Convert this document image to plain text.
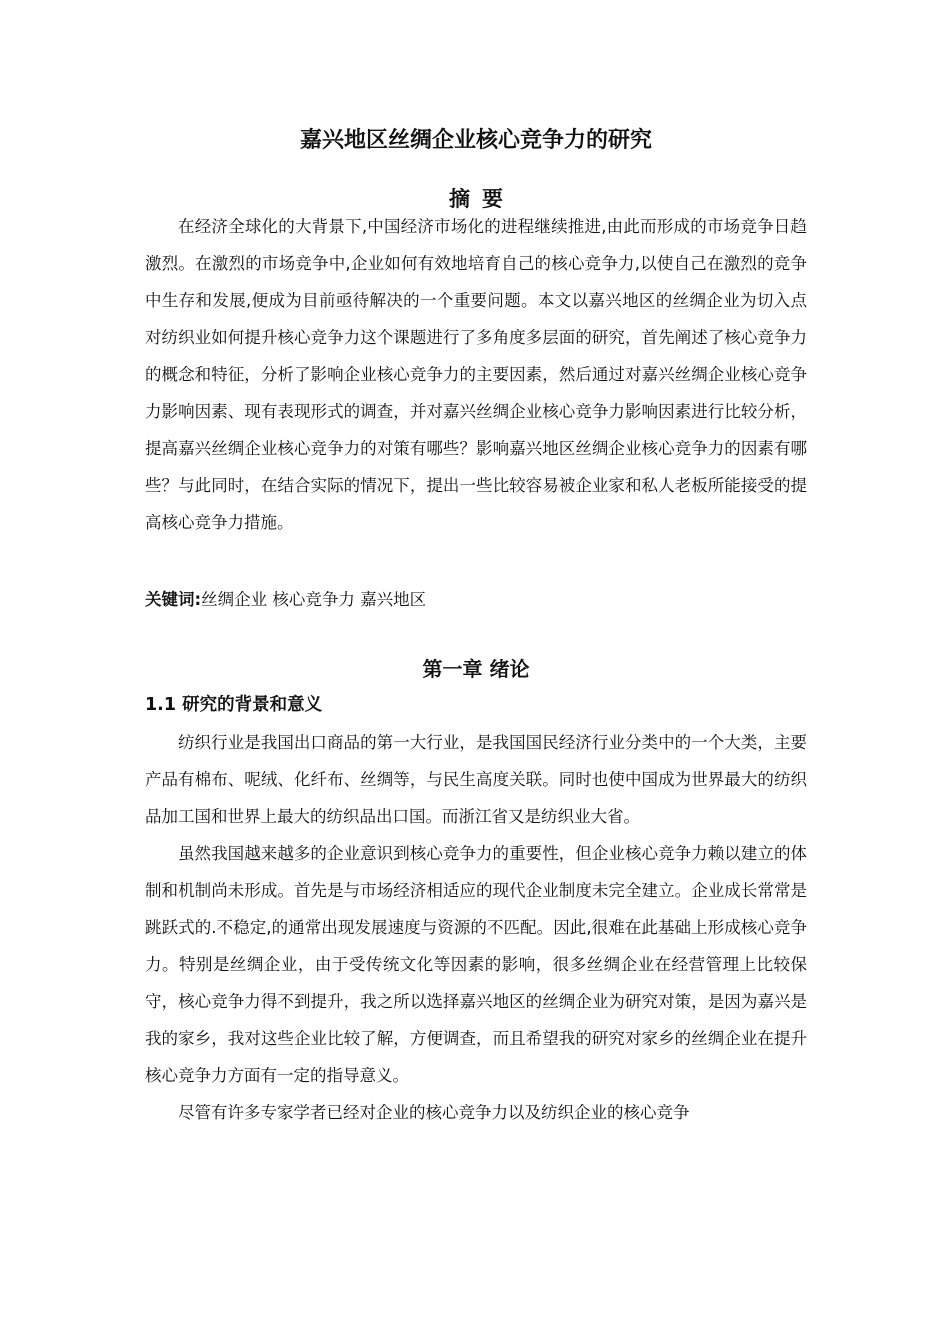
嘉兴地区丝绸企业核心竞争力的研究
摘要

在经济全球化的大背景下,中国经济市场化的进程继续推进,由此而形成的市场竞争日趋激烈。在激烈的市场竞争中,企业如何有效地培育自己的核心竞争力,以使自己在激烈的竞争中生存和发展,便成为目前亟待解决的一个重要问题。本文以嘉兴地区的丝绸企业为切入点对纺织业如何提升核心竞争力这个课题进行了多角度多层面的研究，首先阐述了核心竞争力的概念和特征，分析了影响企业核心竞争力的主要因素，然后通过对嘉兴丝绸企业核心竞争力影响因素、现有表现形式的调查，并对嘉兴丝绸企业核心竞争力影响因素进行比较分析，提高嘉兴丝绸企业核心竞争力的对策有哪些？影响嘉兴地区丝绸企业核心竞争力的因素有哪些？与此同时，在结合实际的情况下，提出一些比较容易被企业家和私人老板所能接受的提高核心竞争力措施。

关键词:丝绸企业 核心竞争力 嘉兴地区
第一章 绪论
1.1 研究的背景和意义

纺织行业是我国出口商品的第一大行业，是我国国民经济行业分类中的一个大类，主要产品有棉布、呢绒、化纤布、丝绸等，与民生高度关联。同时也使中国成为世界最大的纺织品加工国和世界上最大的纺织品出口国。而浙江省又是纺织业大省。

虽然我国越来越多的企业意识到核心竞争力的重要性，但企业核心竞争力赖以建立的体制和机制尚未形成。首先是与市场经济相适应的现代企业制度未完全建立。企业成长常常是跳跃式的.不稳定,的通常出现发展速度与资源的不匹配。因此,很难在此基础上形成核心竞争力。特别是丝绸企业，由于受传统文化等因素的影响，很多丝绸企业在经营管理上比较保守，核心竞争力得不到提升，我之所以选择嘉兴地区的丝绸企业为研究对策，是因为嘉兴是我的家乡，我对这些企业比较了解，方便调查，而且希望我的研究对家乡的丝绸企业在提升核心竞争力方面有一定的指导意义。

尽管有许多专家学者已经对企业的核心竞争力以及纺织企业的核心竞争
